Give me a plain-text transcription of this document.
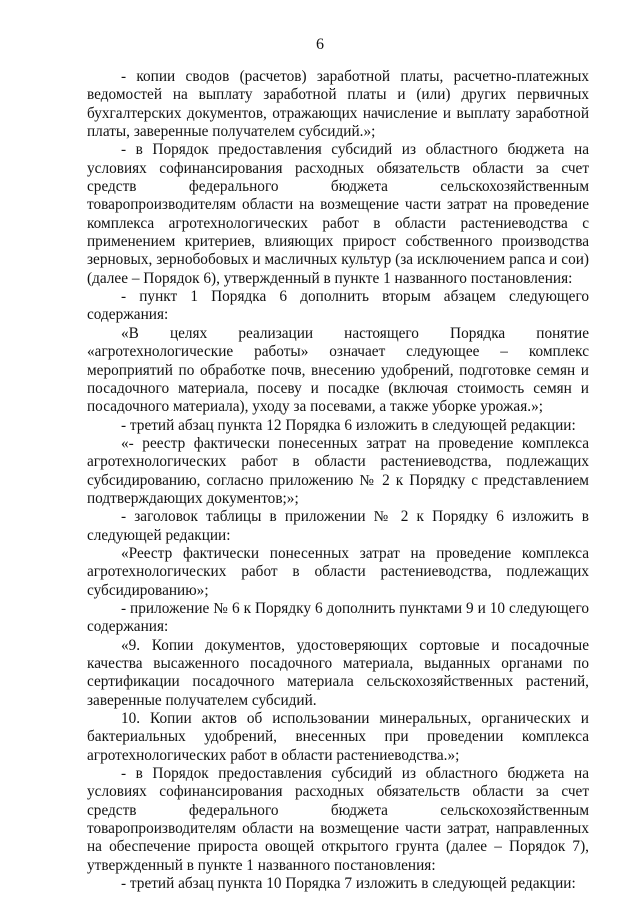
6

- копии сводов (расчетов) заработной платы, расчетно-платежных ведомостей на выплату заработной платы и (или) других первичных бухгалтерских документов, отражающих начисление и выплату заработной платы, заверенные получателем субсидий.»;

- в Порядок предоставления субсидий из областного бюджета на условиях софинансирования расходных обязательств области за счет средств федерального бюджета сельскохозяйственным товаропроизводителям области на возмещение части затрат на проведение комплекса агротехнологических работ в области растениеводства с применением критериев, влияющих прирост собственного производства зерновых, зернобобовых и масличных культур (за исключением рапса и сои) (далее – Порядок 6), утвержденный в пункте 1 названного постановления:

- пункт 1 Порядка 6 дополнить вторым абзацем следующего содержания:

«В целях реализации настоящего Порядка понятие «агротехнологические работы» означает следующее – комплекс мероприятий по обработке почв, внесению удобрений, подготовке семян и посадочного материала, посеву и посадке (включая стоимость семян и посадочного материала), уходу за посевами, а также уборке урожая.»;

- третий абзац пункта 12 Порядка 6 изложить в следующей редакции:

«- реестр фактически понесенных затрат на проведение комплекса агротехнологических работ в области растениеводства, подлежащих субсидированию, согласно приложению № 2 к Порядку с представлением подтверждающих документов;»;

- заголовок таблицы в приложении № 2 к Порядку 6 изложить в следующей редакции:

«Реестр фактически понесенных затрат на проведение комплекса агротехнологических работ в области растениеводства, подлежащих субсидированию»;

- приложение № 6 к Порядку 6 дополнить пунктами 9 и 10 следующего содержания:

«9. Копии документов, удостоверяющих сортовые и посадочные качества высаженного посадочного материала, выданных органами по сертификации посадочного материала сельскохозяйственных растений, заверенные получателем субсидий.

10. Копии актов об использовании минеральных, органических и бактериальных удобрений, внесенных при проведении комплекса агротехнологических работ в области растениеводства.»;

- в Порядок предоставления субсидий из областного бюджета на условиях софинансирования расходных обязательств области за счет средств федерального бюджета сельскохозяйственным товаропроизводителям области на возмещение части затрат, направленных на обеспечение прироста овощей открытого грунта (далее – Порядок 7), утвержденный в пункте 1 названного постановления:

- третий абзац пункта 10 Порядка 7 изложить в следующей редакции:
